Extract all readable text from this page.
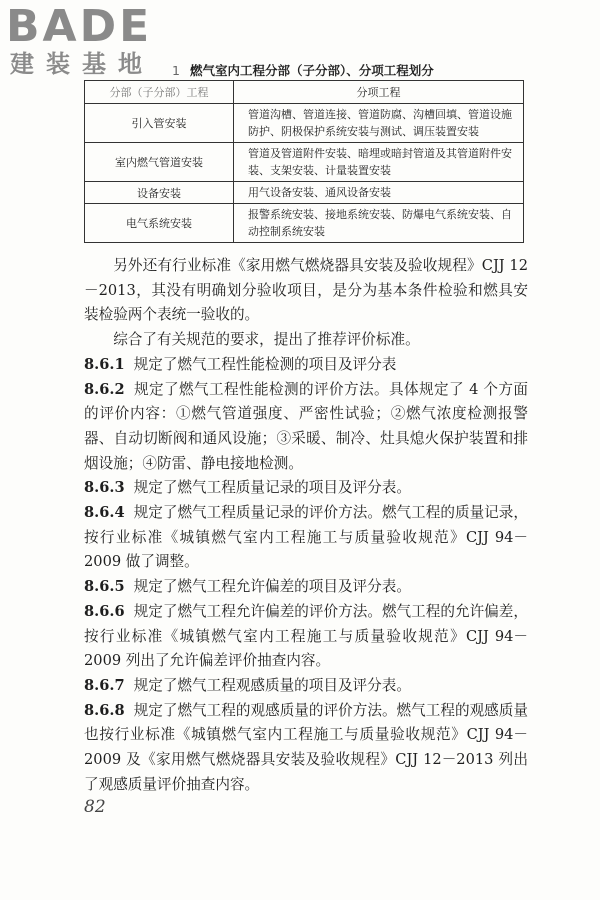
BADE
建装基地	1 燃气室内工程分部（子分部）、分项工程划分
分部（子分部）工程	分项工程
引入管安装	管道沟槽、管道连接、管道防腐、沟槽回填、管道设施防护、阴极保护系统安装与测试、调压装置安装
室内燃气管道安装	管道及管道附件安装、暗埋或暗封管道及其管道附件安装、支架安装、计量装置安装
设备安装	用气设备安装、通风设备安装
电气系统安装	报警系统安装、接地系统安装、防爆电气系统安装、自动控制系统安装

另外还有行业标准《家用燃气燃烧器具安装及验收规程》CJJ 12－2013，其没有明确划分验收项目，是分为基本条件检验和燃具安装检验两个表统一验收的。

综合了有关规范的要求，提出了推荐评价标准。

8.6.1 规定了燃气工程性能检测的项目及评分表

8.6.2 规定了燃气工程性能检测的评价方法。具体规定了 4 个方面的评价内容：①燃气管道强度、严密性试验；②燃气浓度检测报警器、自动切断阀和通风设施；③采暖、制冷、灶具熄火保护装置和排烟设施；④防雷、静电接地检测。

8.6.3 规定了燃气工程质量记录的项目及评分表。

8.6.4 规定了燃气工程质量记录的评价方法。燃气工程的质量记录，按行业标准《城镇燃气室内工程施工与质量验收规范》CJJ 94－2009 做了调整。

8.6.5 规定了燃气工程允许偏差的项目及评分表。

8.6.6 规定了燃气工程允许偏差的评价方法。燃气工程的允许偏差，按行业标准《城镇燃气室内工程施工与质量验收规范》CJJ 94－2009 列出了允许偏差评价抽查内容。

8.6.7 规定了燃气工程观感质量的项目及评分表。

8.6.8 规定了燃气工程的观感质量的评价方法。燃气工程的观感质量也按行业标准《城镇燃气室内工程施工与质量验收规范》CJJ 94－2009 及《家用燃气燃烧器具安装及验收规程》CJJ 12－2013 列出了观感质量评价抽查内容。

82
